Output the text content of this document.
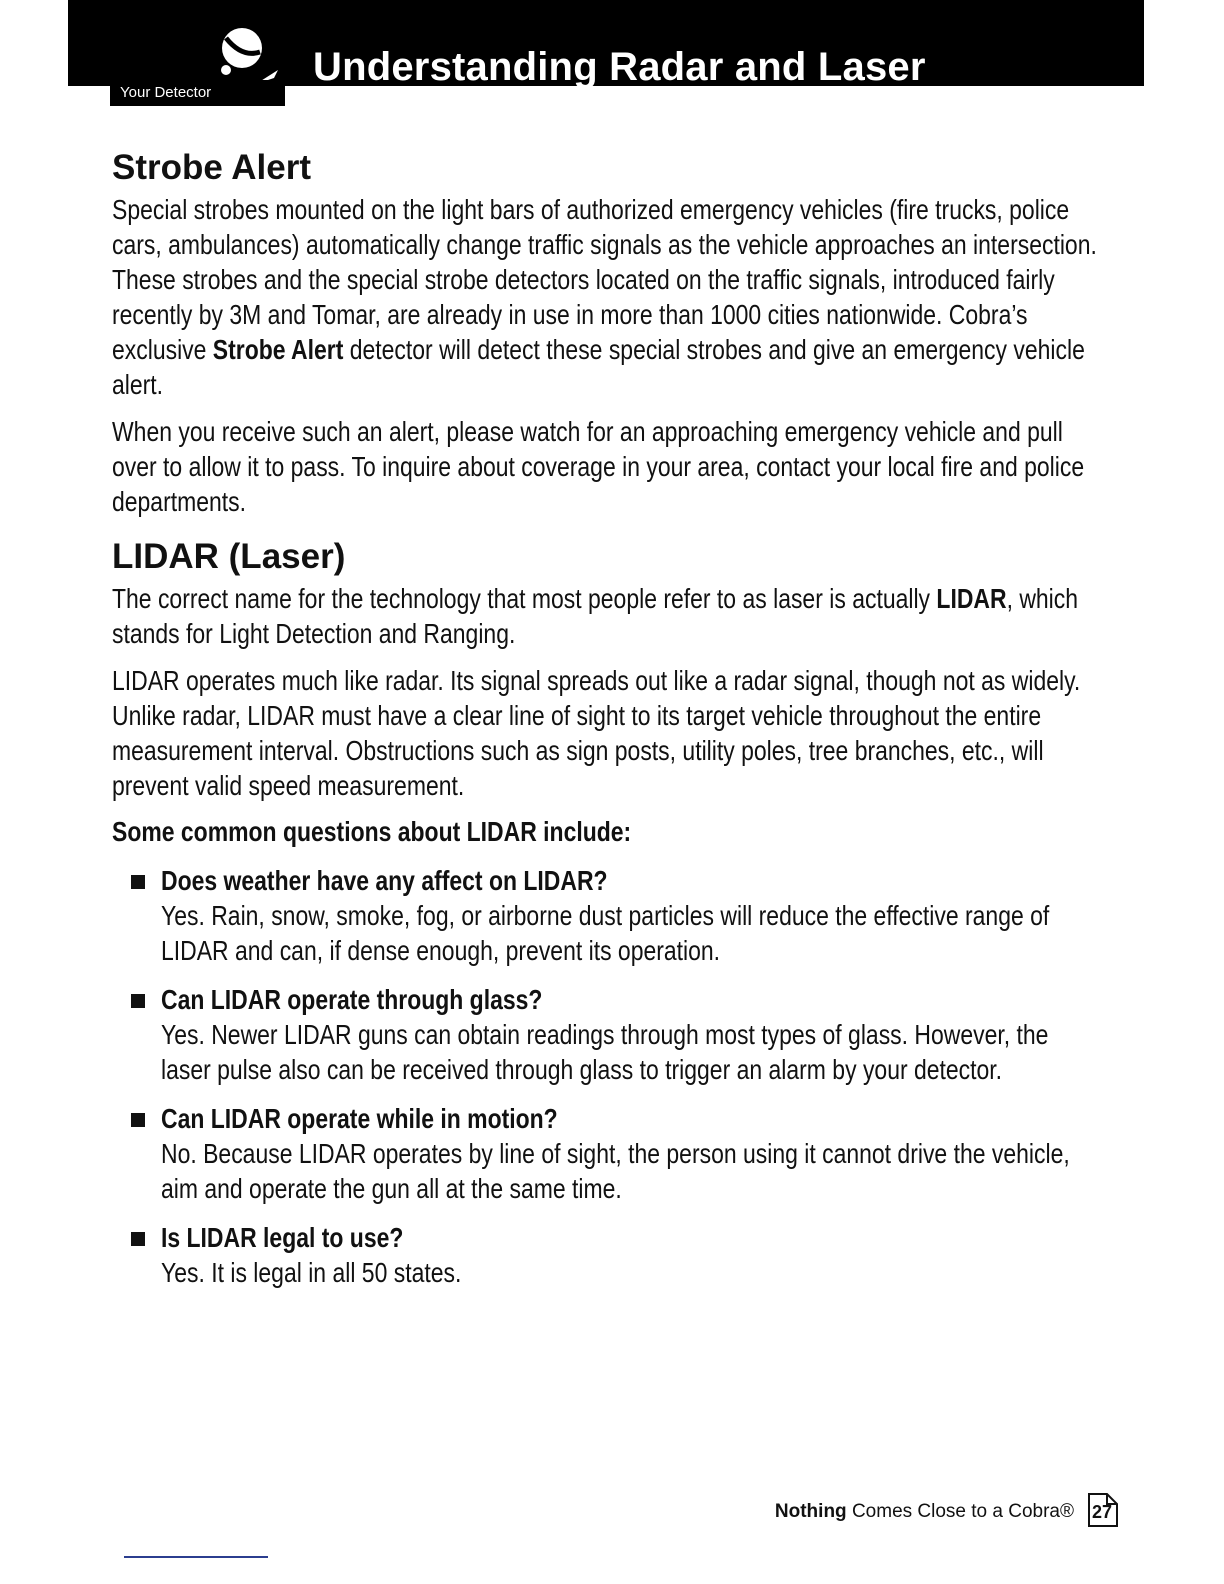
Your Detector
Understanding Radar and Laser
Strobe Alert

Special strobes mounted on the light bars of authorized emergency vehicles (fire trucks, police cars, ambulances) automatically change traffic signals as the vehicle approaches an intersection. These strobes and the special strobe detectors located on the traffic signals, introduced fairly recently by 3M and Tomar, are already in use in more than 1000 cities nationwide. Cobra’s exclusive Strobe Alert detector will detect these special strobes and give an emergency vehicle alert.

When you receive such an alert, please watch for an approaching emergency vehicle and pull over to allow it to pass. To inquire about coverage in your area, contact your local fire and police departments.

LIDAR (Laser)

The correct name for the technology that most people refer to as laser is actually LIDAR, which stands for Light Detection and Ranging.

LIDAR operates much like radar. Its signal spreads out like a radar signal, though not as widely. Unlike radar, LIDAR must have a clear line of sight to its target vehicle throughout the entire measurement interval. Obstructions such as sign posts, utility poles, tree branches, etc., will prevent valid speed measurement.

Some common questions about LIDAR include:
Does weather have any affect on LIDAR?
Yes. Rain, snow, smoke, fog, or airborne dust particles will reduce the effective range of LIDAR and can, if dense enough, prevent its operation.
Can LIDAR operate through glass?
Yes. Newer LIDAR guns can obtain readings through most types of glass. However, the laser pulse also can be received through glass to trigger an alarm by your detector.
Can LIDAR operate while in motion?
No. Because LIDAR operates by line of sight, the person using it cannot drive the vehicle, aim and operate the gun all at the same time.
Is LIDAR legal to use?
Yes. It is legal in all 50 states.
Nothing Comes Close to a Cobra® 27
